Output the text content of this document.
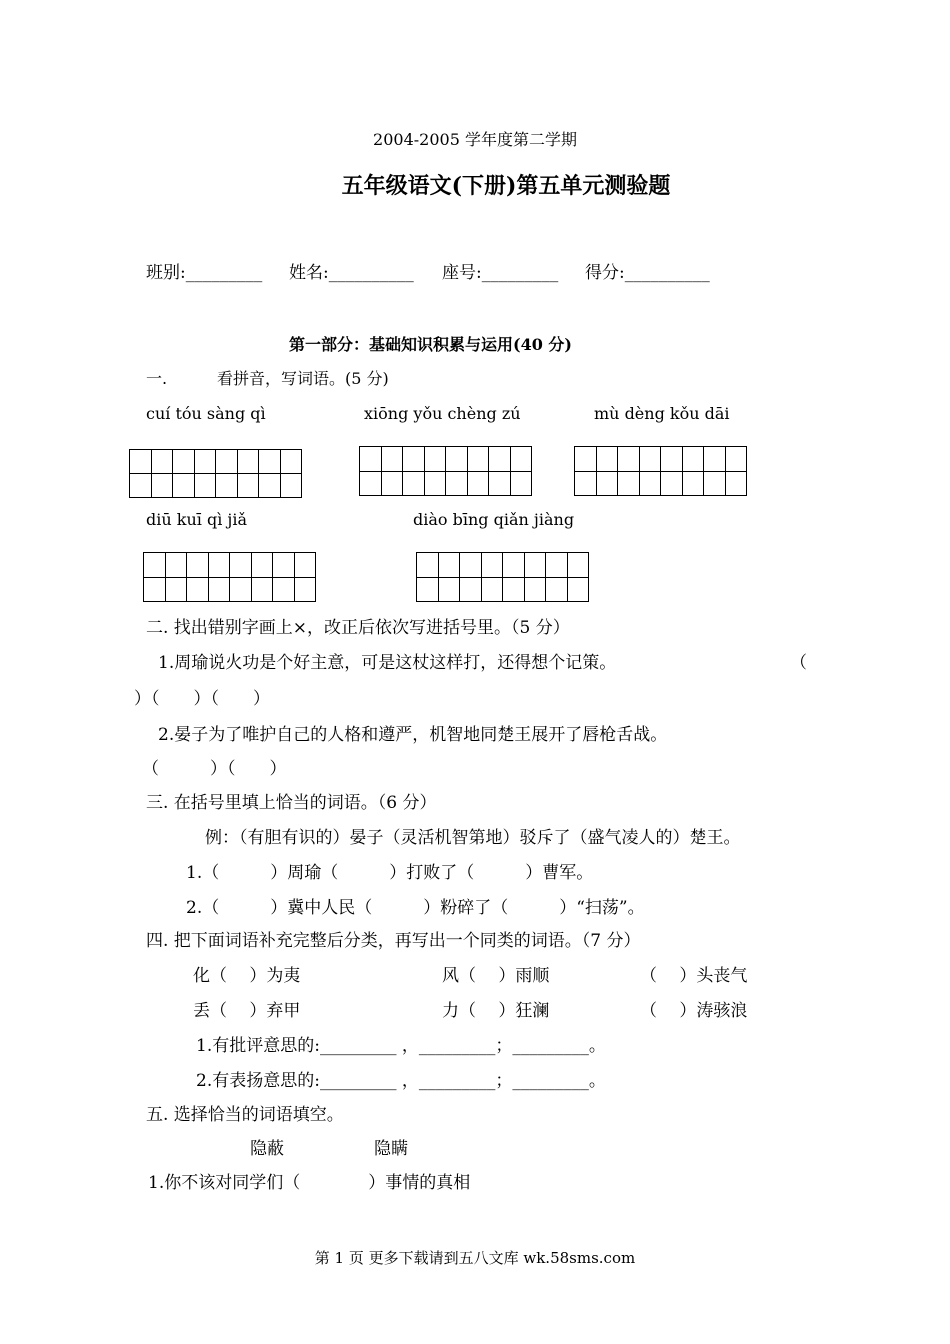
2004-2005 学年度第二学期
五年级语文(下册)第五单元测验题
班别:_________ 姓名:__________ 座号:_________ 得分:__________
第一部分：基础知识积累与运用(40 分)
一.	看拼音，写词语。(5 分)
cuí tóu sàng qì	xiōng yǒu chèng zú	mù dèng kǒu dāi
diū kuī qì jiǎ	diào bīng qiǎn jiàng
二. 找出错别字画上×，改正后依次写进括号里。（5 分）
1.周瑜说火功是个好主意，可是这杖这样打，还得想个记策。	（
）（　　）（　　）
2.晏子为了唯护自己的人格和遵严，机智地同楚王展开了唇枪舌战。
（　　　）（　　）
三. 在括号里填上恰当的词语。（6 分）
例：（有胆有识的）晏子（灵活机智第地）驳斥了（盛气凌人的）楚王。
1.（　　　）周瑜（　　　）打败了（　　　）曹军。
2.（　　　）冀中人民（　　　）粉碎了（　　　）“扫荡”。
四. 把下面词语补充完整后分类，再写出一个同类的词语。（7 分）
化（　 ）为夷	风（　 ）雨顺	（　 ）头丧气
丢（　 ）弃甲	力（　 ）狂澜	（　 ）涛骇浪
1.有批评意思的:_________ ，_________；_________。
2.有表扬意思的:_________ ，_________；_________。
五. 选择恰当的词语填空。
隐蔽	隐瞒
1.你不该对同学们（　　　　）事情的真相
第 1 页 更多下载请到五八文库 wk.58sms.com
